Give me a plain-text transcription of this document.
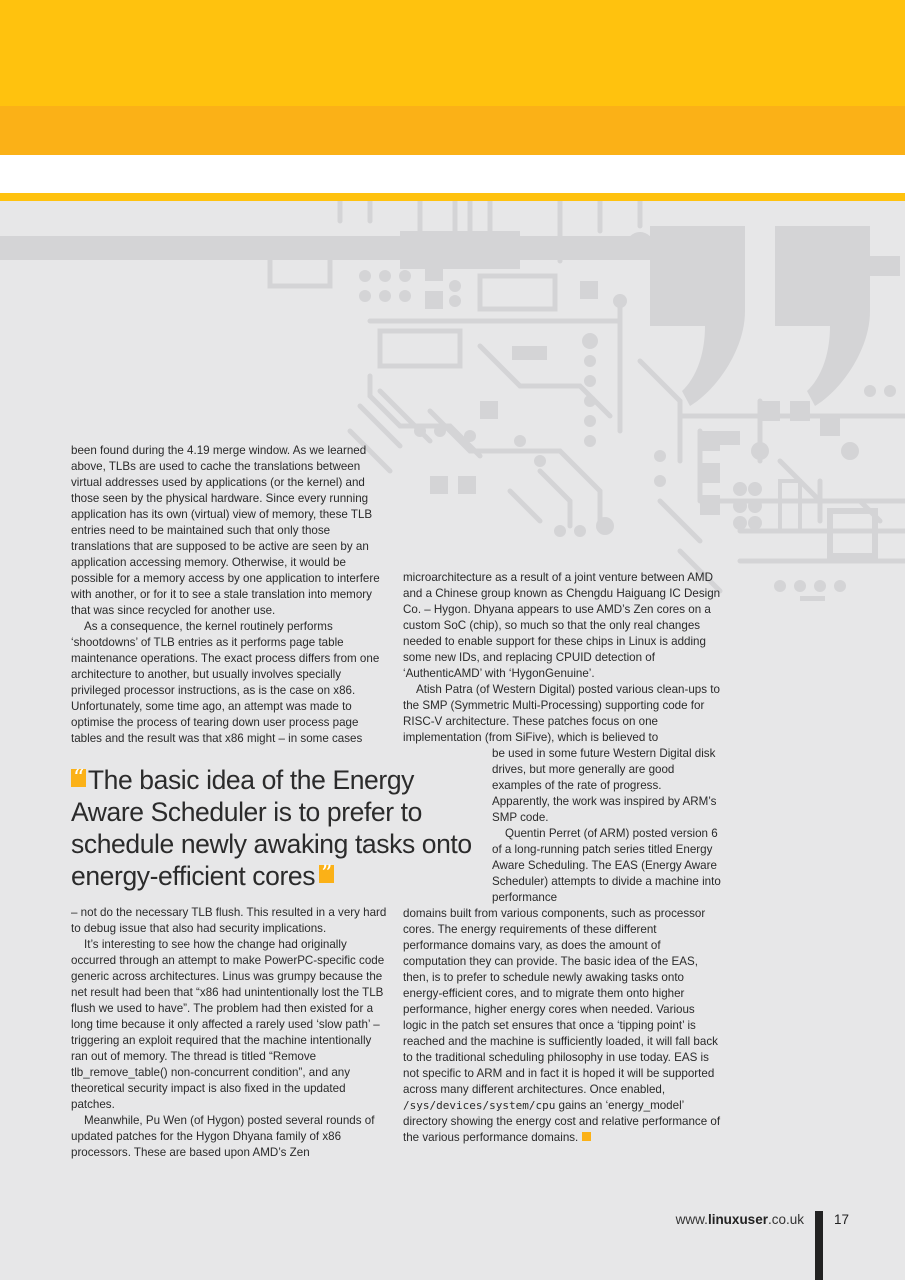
been found during the 4.19 merge window. As we learned above, TLBs are used to cache the translations between virtual addresses used by applications (or the kernel) and those seen by the physical hardware. Since every running application has its own (virtual) view of memory, these TLB entries need to be maintained such that only those translations that are supposed to be active are seen by an application accessing memory. Otherwise, it would be possible for a memory access by one application to interfere with another, or for it to see a stale translation into memory that was since recycled for another use.

As a consequence, the kernel routinely performs ‘shootdowns’ of TLB entries as it performs page table maintenance operations. The exact process differs from one architecture to another, but usually involves specially privileged processor instructions, as is the case on x86. Unfortunately, some time ago, an attempt was made to optimise the process of tearing down user process page tables and the result was that x86 might – in some cases

“ The basic idea of the Energy Aware Scheduler is to prefer to schedule newly awaking tasks onto energy-efficient cores ”

– not do the necessary TLB flush. This resulted in a very hard to debug issue that also had security implications.

It’s interesting to see how the change had originally occurred through an attempt to make PowerPC-specific code generic across architectures. Linus was grumpy because the net result had been that “x86 had unintentionally lost the TLB flush we used to have”. The problem had then existed for a long time because it only affected a rarely used ‘slow path’ – triggering an exploit required that the machine intentionally ran out of memory. The thread is titled “Remove tlb_remove_table() non-concurrent condition”, and any theoretical security impact is also fixed in the updated patches.

Meanwhile, Pu Wen (of Hygon) posted several rounds of updated patches for the Hygon Dhyana family of x86 processors. These are based upon AMD’s Zen

microarchitecture as a result of a joint venture between AMD and a Chinese group known as Chengdu Haiguang IC Design Co. – Hygon. Dhyana appears to use AMD’s Zen cores on a custom SoC (chip), so much so that the only real changes needed to enable support for these chips in Linux is adding some new IDs, and replacing CPUID detection of ‘AuthenticAMD’ with ‘HygonGenuine’.

Atish Patra (of Western Digital) posted various clean-ups to the SMP (Symmetric Multi-Processing) supporting code for RISC-V architecture. These patches focus on one implementation (from SiFive), which is believed to

be used in some future Western Digital disk drives, but more generally are good examples of the rate of progress. Apparently, the work was inspired by ARM’s SMP code.

Quentin Perret (of ARM) posted version 6 of a long-running patch series titled Energy Aware Scheduling. The EAS (Energy Aware Scheduler) attempts to divide a machine into performance

domains built from various components, such as processor cores. The energy requirements of these different performance domains vary, as does the amount of computation they can provide. The basic idea of the EAS, then, is to prefer to schedule newly awaking tasks onto energy-efficient cores, and to migrate them onto higher performance, higher energy cores when needed. Various logic in the patch set ensures that once a ‘tipping point’ is reached and the machine is sufficiently loaded, it will fall back to the traditional scheduling philosophy in use today. EAS is not specific to ARM and in fact it is hoped it will be supported across many different architectures. Once enabled, /sys/devices/system/cpu gains an ‘energy_model’ directory showing the energy cost and relative performance of the various performance domains.

www.linuxuser.co.uk 17
